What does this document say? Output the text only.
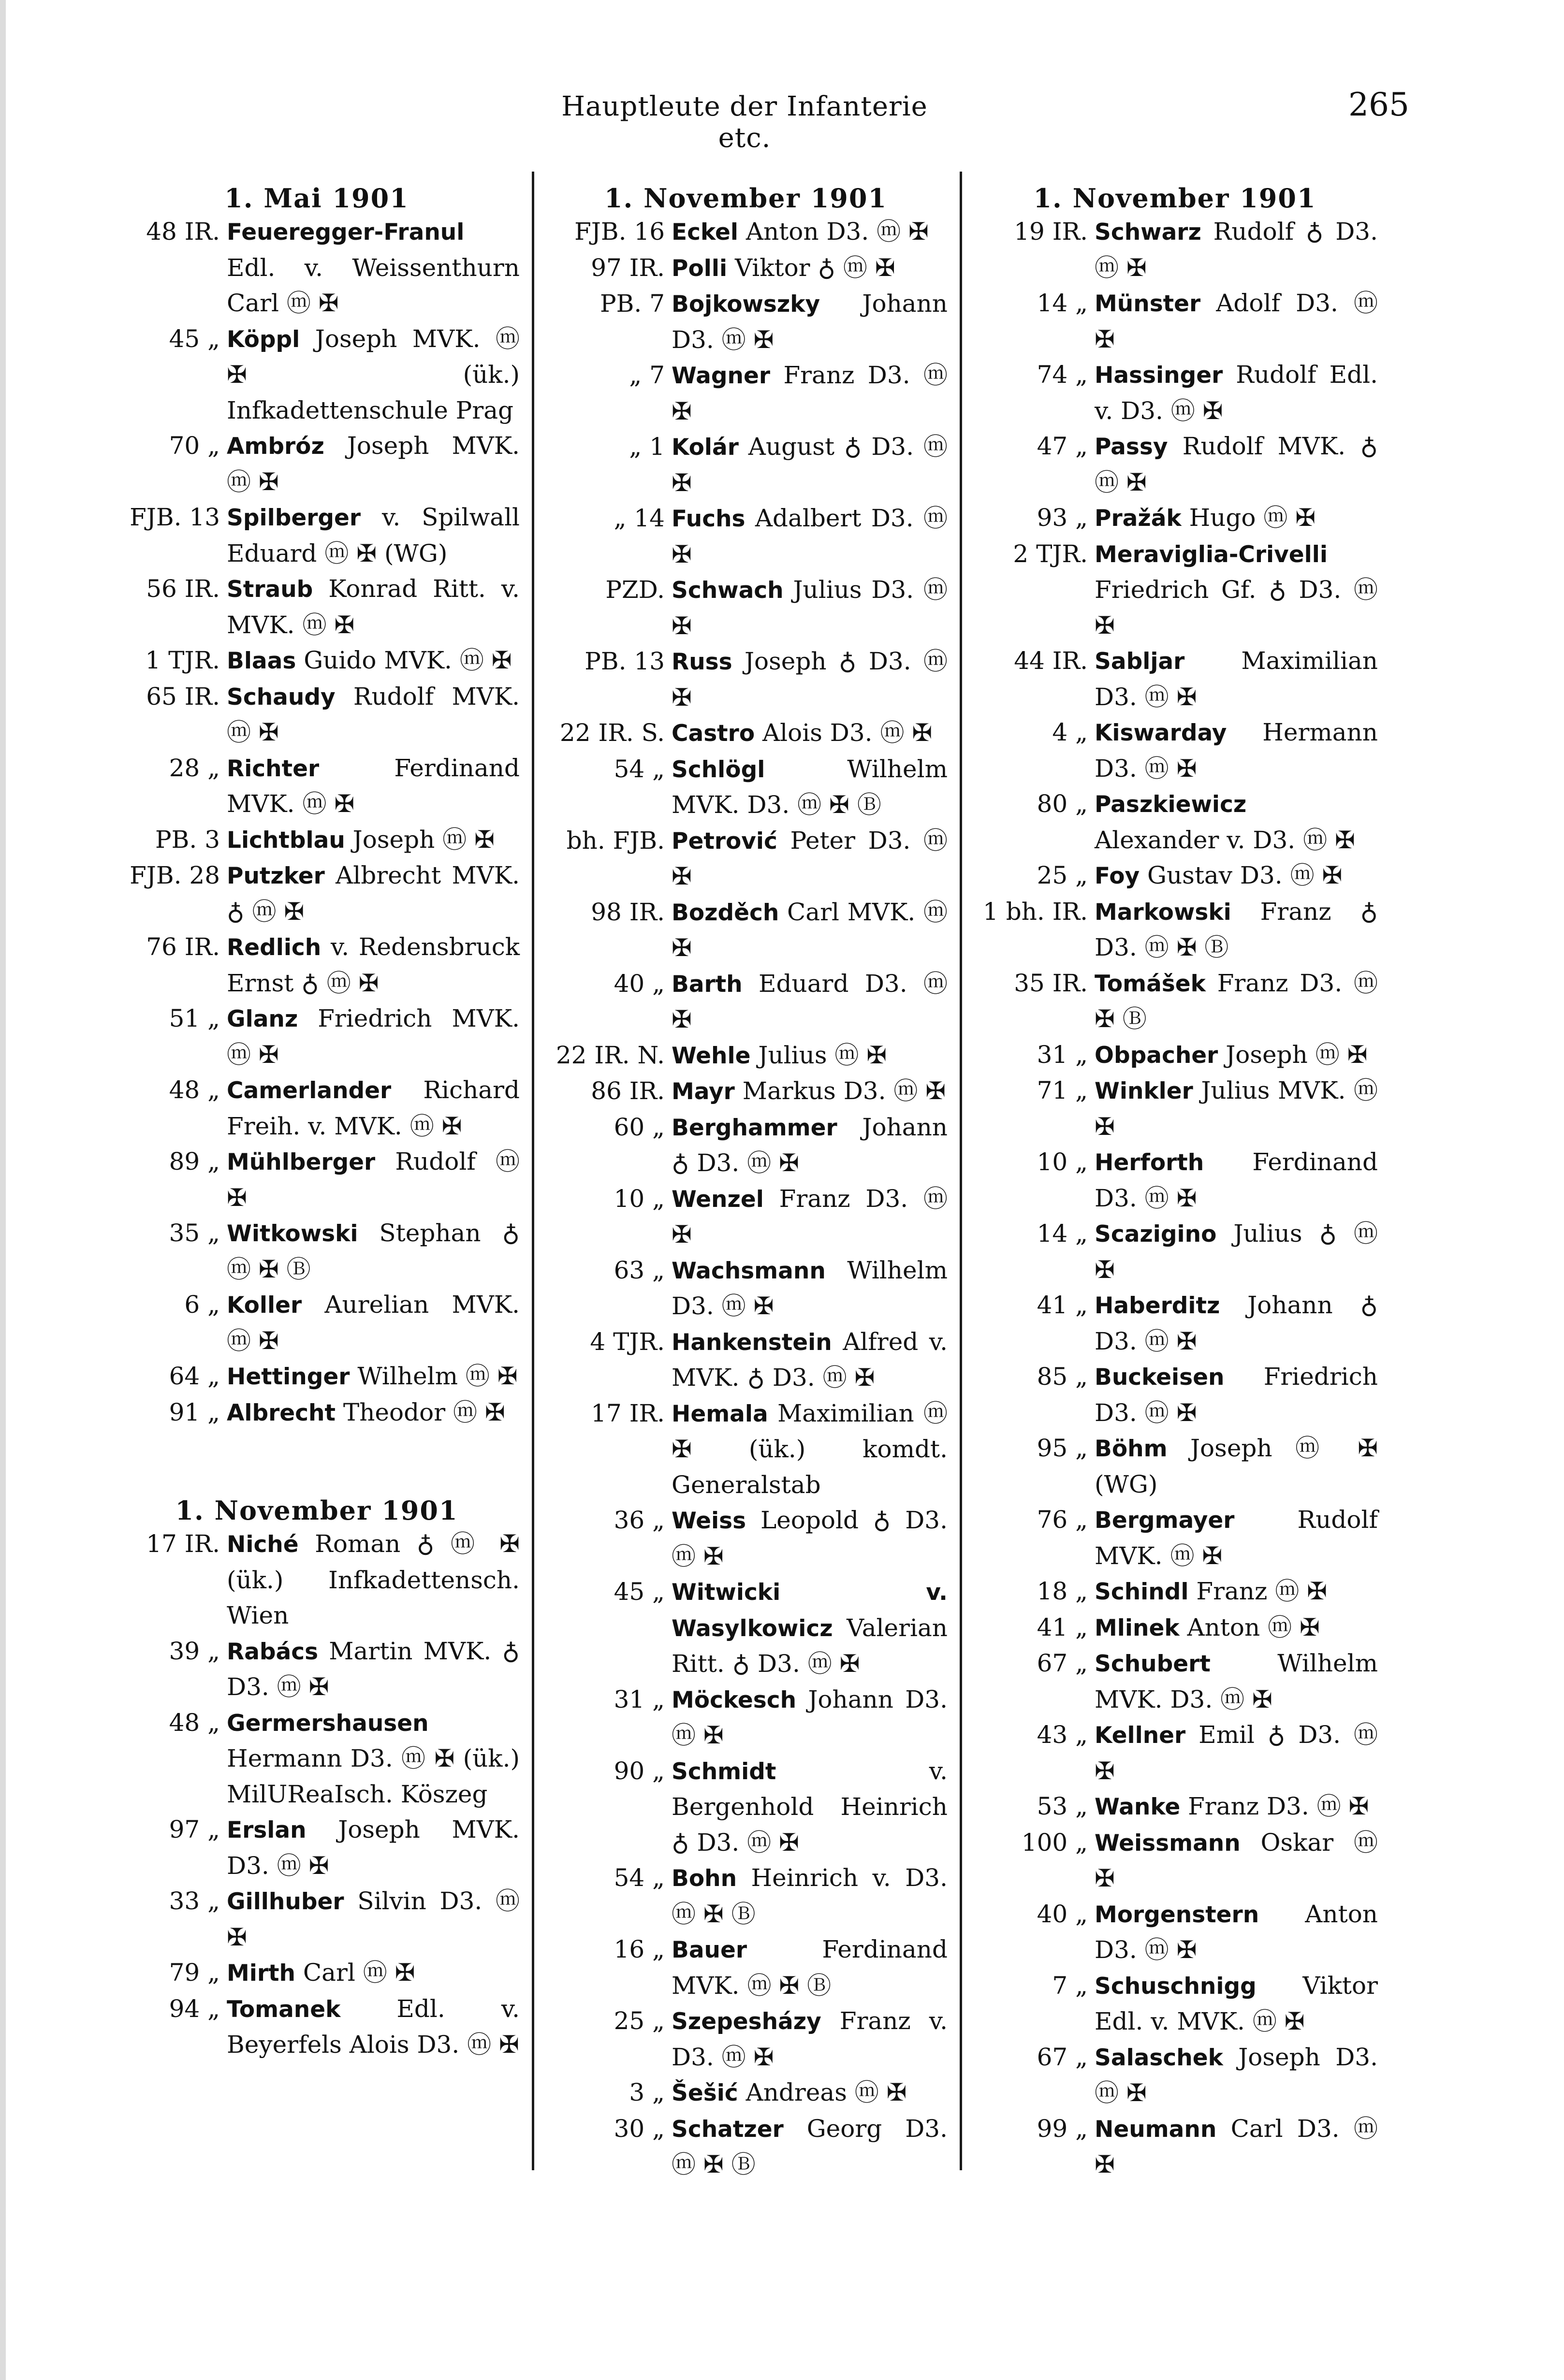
Hauptleute der Infanterie etc.
265
1. Mai 1901
48 IR. Feueregger-Franul Edl. v. Weissenthurn Carl ⓜ ✠
45 „ Köppl Joseph MVK. ⓜ ✠ (ük.) Infkadettenschule Prag
70 „ Ambróz Joseph MVK. ⓜ ✠
FJB. 13 Spilberger v. Spilwall Eduard ⓜ ✠ (WG)
56 IR. Straub Konrad Ritt. v. MVK. ⓜ ✠
1 TJR. Blaas Guido MVK. ⓜ ✠
65 IR. Schaudy Rudolf MVK. ⓜ ✠
28 „ Richter Ferdinand MVK. ⓜ ✠
PB. 3 Lichtblau Joseph ⓜ ✠
FJB. 28 Putzker Albrecht MVK. ♁ ⓜ ✠
76 IR. Redlich v. Redensbruck Ernst ♁ ⓜ ✠
51 „ Glanz Friedrich MVK. ⓜ ✠
48 „ Camerlander Richard Freih. v. MVK. ⓜ ✠
89 „ Mühlberger Rudolf ⓜ ✠
35 „ Witkowski Stephan ♁ ⓜ ✠ Ⓑ
6 „ Koller Aurelian MVK. ⓜ ✠
64 „ Hettinger Wilhelm ⓜ ✠
91 „ Albrecht Theodor ⓜ ✠
1. November 1901
17 IR. Niché Roman ♁ ⓜ ✠ (ük.) Infkadettensch. Wien
39 „ Rabács Martin MVK. ♁ D3. ⓜ ✠
48 „ Germershausen Hermann D3. ⓜ ✠ (ük.) MilUReaIsch. Köszeg
97 „ Erslan Joseph MVK. D3. ⓜ ✠
33 „ Gillhuber Silvin D3. ⓜ ✠
79 „ Mirth Carl ⓜ ✠
94 „ Tomanek Edl. v. Beyerfels Alois D3. ⓜ ✠
1. November 1901
FJB. 16 Eckel Anton D3. ⓜ ✠
97 IR. Polli Viktor ♁ ⓜ ✠
PB. 7 Bojkowszky Johann D3. ⓜ ✠
„ 7 Wagner Franz D3. ⓜ ✠
„ 1 Kolár August ♁ D3. ⓜ ✠
„ 14 Fuchs Adalbert D3. ⓜ ✠
PZD. Schwach Julius D3. ⓜ ✠
PB. 13 Russ Joseph ♁ D3. ⓜ ✠
22 IR. S. Castro Alois D3. ⓜ ✠
54 „ Schlögl Wilhelm MVK. D3. ⓜ ✠ Ⓑ
bh. FJB. Petrović Peter D3. ⓜ ✠
98 IR. Bozděch Carl MVK. ⓜ ✠
40 „ Barth Eduard D3. ⓜ ✠
22 IR. N. Wehle Julius ⓜ ✠
86 IR. Mayr Markus D3. ⓜ ✠
60 „ Berghammer Johann ♁ D3. ⓜ ✠
10 „ Wenzel Franz D3. ⓜ ✠
63 „ Wachsmann Wilhelm D3. ⓜ ✠
4 TJR. Hankenstein Alfred v. MVK. ♁ D3. ⓜ ✠
17 IR. Hemala Maximilian ⓜ ✠ (ük.) komdt. Generalstab
36 „ Weiss Leopold ♁ D3. ⓜ ✠
45 „ Witwicki v. Wasylkowicz Valerian Ritt. ♁ D3. ⓜ ✠
31 „ Möckesch Johann D3. ⓜ ✠
90 „ Schmidt v. Bergenhold Heinrich ♁ D3. ⓜ ✠
54 „ Bohn Heinrich v. D3. ⓜ ✠ Ⓑ
16 „ Bauer Ferdinand MVK. ⓜ ✠ Ⓑ
25 „ Szepesházy Franz v. D3. ⓜ ✠
3 „ Šešić Andreas ⓜ ✠
30 „ Schatzer Georg D3. ⓜ ✠ Ⓑ
1. November 1901
19 IR. Schwarz Rudolf ♁ D3. ⓜ ✠
14 „ Münster Adolf D3. ⓜ ✠
74 „ Hassinger Rudolf Edl. v. D3. ⓜ ✠
47 „ Passy Rudolf MVK. ♁ ⓜ ✠
93 „ Pražák Hugo ⓜ ✠
2 TJR. Meraviglia-Crivelli Friedrich Gf. ♁ D3. ⓜ ✠
44 IR. Sabljar Maximilian D3. ⓜ ✠
4 „ Kiswarday Hermann D3. ⓜ ✠
80 „ Paszkiewicz Alexander v. D3. ⓜ ✠
25 „ Foy Gustav D3. ⓜ ✠
1 bh. IR. Markowski Franz ♁ D3. ⓜ ✠ Ⓑ
35 IR. Tomášek Franz D3. ⓜ ✠ Ⓑ
31 „ Obpacher Joseph ⓜ ✠
71 „ Winkler Julius MVK. ⓜ ✠
10 „ Herforth Ferdinand D3. ⓜ ✠
14 „ Scazigino Julius ♁ ⓜ ✠
41 „ Haberditz Johann ♁ D3. ⓜ ✠
85 „ Buckeisen Friedrich D3. ⓜ ✠
95 „ Böhm Joseph ⓜ ✠ (WG)
76 „ Bergmayer Rudolf MVK. ⓜ ✠
18 „ Schindl Franz ⓜ ✠
41 „ Mlinek Anton ⓜ ✠
67 „ Schubert Wilhelm MVK. D3. ⓜ ✠
43 „ Kellner Emil ♁ D3. ⓜ ✠
53 „ Wanke Franz D3. ⓜ ✠
100 „ Weissmann Oskar ⓜ ✠
40 „ Morgenstern Anton D3. ⓜ ✠
7 „ Schuschnigg Viktor Edl. v. MVK. ⓜ ✠
67 „ Salaschek Joseph D3. ⓜ ✠
99 „ Neumann Carl D3. ⓜ ✠
